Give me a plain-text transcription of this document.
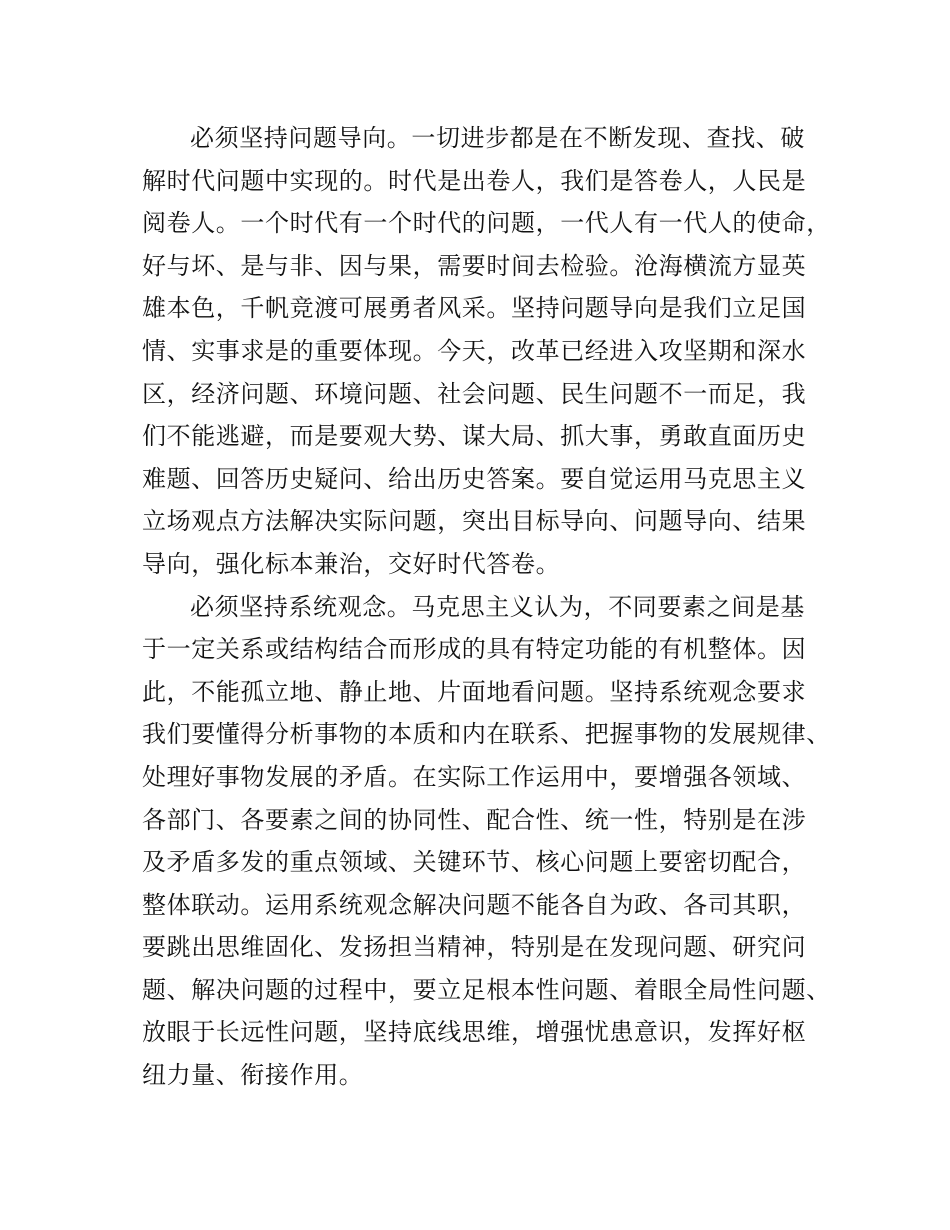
必须坚持问题导向。一切进步都是在不断发现、查找、破
解时代问题中实现的。时代是出卷人，我们是答卷人，人民是
阅卷人。一个时代有一个时代的问题，一代人有一代人的使命，
好与坏、是与非、因与果，需要时间去检验。沧海横流方显英
雄本色，千帆竞渡可展勇者风采。坚持问题导向是我们立足国
情、实事求是的重要体现。今天，改革已经进入攻坚期和深水
区，经济问题、环境问题、社会问题、民生问题不一而足，我
们不能逃避，而是要观大势、谋大局、抓大事，勇敢直面历史
难题、回答历史疑问、给出历史答案。要自觉运用马克思主义
立场观点方法解决实际问题，突出目标导向、问题导向、结果
导向，强化标本兼治，交好时代答卷。

必须坚持系统观念。马克思主义认为，不同要素之间是基
于一定关系或结构结合而形成的具有特定功能的有机整体。因
此，不能孤立地、静止地、片面地看问题。坚持系统观念要求
我们要懂得分析事物的本质和内在联系、把握事物的发展规律、
处理好事物发展的矛盾。在实际工作运用中，要增强各领域、
各部门、各要素之间的协同性、配合性、统一性，特别是在涉
及矛盾多发的重点领域、关键环节、核心问题上要密切配合，
整体联动。运用系统观念解决问题不能各自为政、各司其职，
要跳出思维固化、发扬担当精神，特别是在发现问题、研究问
题、解决问题的过程中，要立足根本性问题、着眼全局性问题、
放眼于长远性问题，坚持底线思维，增强忧患意识，发挥好枢
纽力量、衔接作用。
